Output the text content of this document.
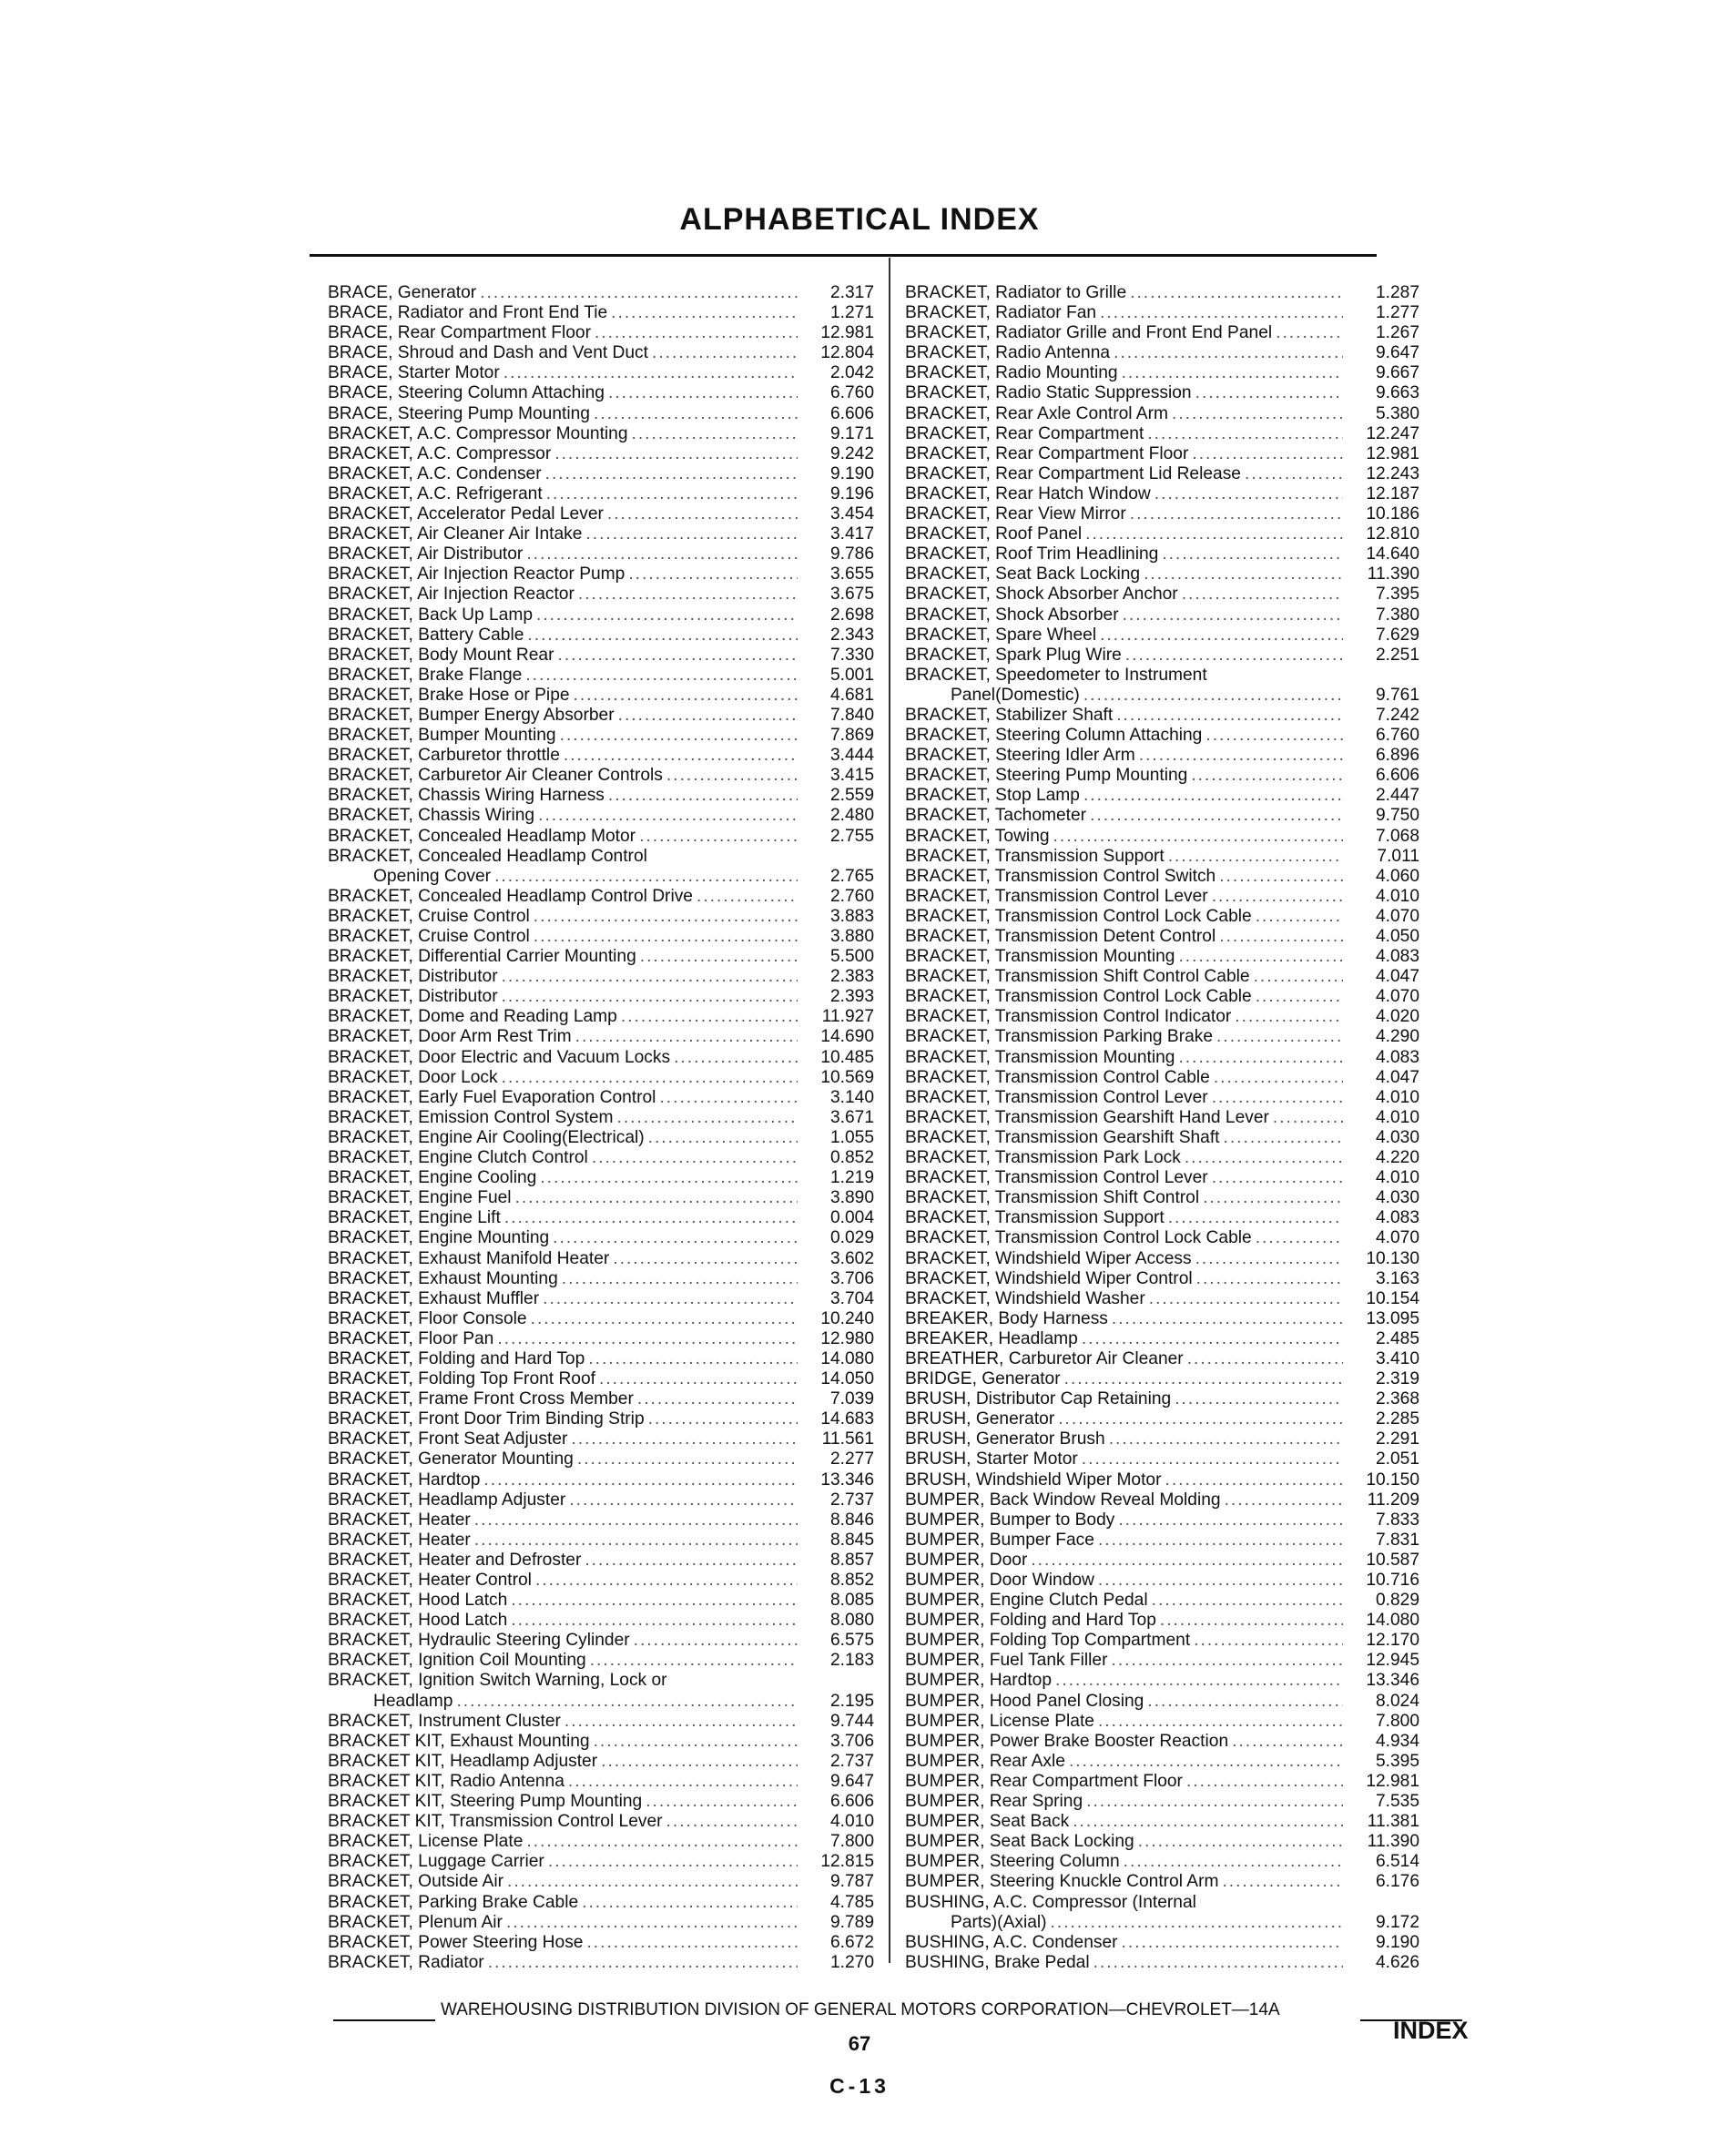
ALPHABETICAL INDEX
BRACE, Generator .....	2.317
BRACE, Radiator and Front End Tie .....	1.271
BRACE, Rear Compartment Floor .....	12.981
BRACE, Shroud and Dash and Vent Duct .....	12.804
BRACE, Starter Motor .....	2.042
BRACE, Steering Column Attaching .....	6.760
BRACE, Steering Pump Mounting .....	6.606
BRACKET, A.C. Compressor Mounting .....	9.171
BRACKET, A.C. Compressor .....	9.242
BRACKET, A.C. Condenser .....	9.190
BRACKET, A.C. Refrigerant .....	9.196
BRACKET, Accelerator Pedal Lever .....	3.454
BRACKET, Air Cleaner Air Intake .....	3.417
BRACKET, Air Distributor .....	9.786
BRACKET, Air Injection Reactor Pump .....	3.655
BRACKET, Air Injection Reactor .....	3.675
BRACKET, Back Up Lamp .....	2.698
BRACKET, Battery Cable .....	2.343
BRACKET, Body Mount Rear .....	7.330
BRACKET, Brake Flange .....	5.001
BRACKET, Brake Hose or Pipe .....	4.681
BRACKET, Bumper Energy Absorber .....	7.840
BRACKET, Bumper Mounting .....	7.869
BRACKET, Carburetor throttle .....	3.444
BRACKET, Carburetor Air Cleaner Controls .....	3.415
BRACKET, Chassis Wiring Harness .....	2.559
BRACKET, Chassis Wiring .....	2.480
BRACKET, Concealed Headlamp Motor .....	2.755
BRACKET, Concealed Headlamp Control
Opening Cover .....	2.765
BRACKET, Concealed Headlamp Control Drive .....	2.760
BRACKET, Cruise Control .....	3.883
BRACKET, Cruise Control .....	3.880
BRACKET, Differential Carrier Mounting .....	5.500
BRACKET, Distributor .....	2.383
BRACKET, Distributor .....	2.393
BRACKET, Dome and Reading Lamp .....	11.927
BRACKET, Door Arm Rest Trim .....	14.690
BRACKET, Door Electric and Vacuum Locks .....	10.485
BRACKET, Door Lock .....	10.569
BRACKET, Early Fuel Evaporation Control .....	3.140
BRACKET, Emission Control System .....	3.671
BRACKET, Engine Air Cooling(Electrical) .....	1.055
BRACKET, Engine Clutch Control .....	0.852
BRACKET, Engine Cooling .....	1.219
BRACKET, Engine Fuel .....	3.890
BRACKET, Engine Lift .....	0.004
BRACKET, Engine Mounting .....	0.029
BRACKET, Exhaust Manifold Heater .....	3.602
BRACKET, Exhaust Mounting .....	3.706
BRACKET, Exhaust Muffler .....	3.704
BRACKET, Floor Console .....	10.240
BRACKET, Floor Pan .....	12.980
BRACKET, Folding and Hard Top .....	14.080
BRACKET, Folding Top Front Roof .....	14.050
BRACKET, Frame Front Cross Member .....	7.039
BRACKET, Front Door Trim Binding Strip .....	14.683
BRACKET, Front Seat Adjuster .....	11.561
BRACKET, Generator Mounting .....	2.277
BRACKET, Hardtop .....	13.346
BRACKET, Headlamp Adjuster .....	2.737
BRACKET, Heater .....	8.846
BRACKET, Heater .....	8.845
BRACKET, Heater and Defroster .....	8.857
BRACKET, Heater Control .....	8.852
BRACKET, Hood Latch .....	8.085
BRACKET, Hood Latch .....	8.080
BRACKET, Hydraulic Steering Cylinder .....	6.575
BRACKET, Ignition Coil Mounting .....	2.183
BRACKET, Ignition Switch Warning, Lock or
Headlamp .....	2.195
BRACKET, Instrument Cluster .....	9.744
BRACKET KIT, Exhaust Mounting .....	3.706
BRACKET KIT, Headlamp Adjuster .....	2.737
BRACKET KIT, Radio Antenna .....	9.647
BRACKET KIT, Steering Pump Mounting .....	6.606
BRACKET KIT, Transmission Control Lever .....	4.010
BRACKET, License Plate .....	7.800
BRACKET, Luggage Carrier .....	12.815
BRACKET, Outside Air .....	9.787
BRACKET, Parking Brake Cable .....	4.785
BRACKET, Plenum Air .....	9.789
BRACKET, Power Steering Hose .....	6.672
BRACKET, Radiator .....	1.270
BRACKET, Radiator to Grille .....	1.287
BRACKET, Radiator Fan .....	1.277
BRACKET, Radiator Grille and Front End Panel .....	1.267
BRACKET, Radio Antenna .....	9.647
BRACKET, Radio Mounting .....	9.667
BRACKET, Radio Static Suppression .....	9.663
BRACKET, Rear Axle Control Arm .....	5.380
BRACKET, Rear Compartment .....	12.247
BRACKET, Rear Compartment Floor .....	12.981
BRACKET, Rear Compartment Lid Release .....	12.243
BRACKET, Rear Hatch Window .....	12.187
BRACKET, Rear View Mirror .....	10.186
BRACKET, Roof Panel .....	12.810
BRACKET, Roof Trim Headlining .....	14.640
BRACKET, Seat Back Locking .....	11.390
BRACKET, Shock Absorber Anchor .....	7.395
BRACKET, Shock Absorber .....	7.380
BRACKET, Spare Wheel .....	7.629
BRACKET, Spark Plug Wire .....	2.251
BRACKET, Speedometer to Instrument
Panel(Domestic) .....	9.761
BRACKET, Stabilizer Shaft .....	7.242
BRACKET, Steering Column Attaching .....	6.760
BRACKET, Steering Idler Arm .....	6.896
BRACKET, Steering Pump Mounting .....	6.606
BRACKET, Stop Lamp .....	2.447
BRACKET, Tachometer .....	9.750
BRACKET, Towing .....	7.068
BRACKET, Transmission Support .....	7.011
BRACKET, Transmission Control Switch .....	4.060
BRACKET, Transmission Control Lever .....	4.010
BRACKET, Transmission Control Lock Cable .....	4.070
BRACKET, Transmission Detent Control .....	4.050
BRACKET, Transmission Mounting .....	4.083
BRACKET, Transmission Shift Control Cable .....	4.047
BRACKET, Transmission Control Lock Cable .....	4.070
BRACKET, Transmission Control Indicator .....	4.020
BRACKET, Transmission Parking Brake .....	4.290
BRACKET, Transmission Mounting .....	4.083
BRACKET, Transmission Control Cable .....	4.047
BRACKET, Transmission Control Lever .....	4.010
BRACKET, Transmission Gearshift Hand Lever .....	4.010
BRACKET, Transmission Gearshift Shaft .....	4.030
BRACKET, Transmission Park Lock .....	4.220
BRACKET, Transmission Control Lever .....	4.010
BRACKET, Transmission Shift Control .....	4.030
BRACKET, Transmission Support .....	4.083
BRACKET, Transmission Control Lock Cable .....	4.070
BRACKET, Windshield Wiper Access .....	10.130
BRACKET, Windshield Wiper Control .....	3.163
BRACKET, Windshield Washer .....	10.154
BREAKER, Body Harness .....	13.095
BREAKER, Headlamp .....	2.485
BREATHER, Carburetor Air Cleaner .....	3.410
BRIDGE, Generator .....	2.319
BRUSH, Distributor Cap Retaining .....	2.368
BRUSH, Generator .....	2.285
BRUSH, Generator Brush .....	2.291
BRUSH, Starter Motor .....	2.051
BRUSH, Windshield Wiper Motor .....	10.150
BUMPER, Back Window Reveal Molding .....	11.209
BUMPER, Bumper to Body .....	7.833
BUMPER, Bumper Face .....	7.831
BUMPER, Door .....	10.587
BUMPER, Door Window .....	10.716
BUMPER, Engine Clutch Pedal .....	0.829
BUMPER, Folding and Hard Top .....	14.080
BUMPER, Folding Top Compartment .....	12.170
BUMPER, Fuel Tank Filler .....	12.945
BUMPER, Hardtop .....	13.346
BUMPER, Hood Panel Closing .....	8.024
BUMPER, License Plate .....	7.800
BUMPER, Power Brake Booster Reaction .....	4.934
BUMPER, Rear Axle .....	5.395
BUMPER, Rear Compartment Floor .....	12.981
BUMPER, Rear Spring .....	7.535
BUMPER, Seat Back .....	11.381
BUMPER, Seat Back Locking .....	11.390
BUMPER, Steering Column .....	6.514
BUMPER, Steering Knuckle Control Arm .....	6.176
BUSHING, A.C. Compressor (Internal
Parts)(Axial) .....	9.172
BUSHING, A.C. Condenser .....	9.190
BUSHING, Brake Pedal .....	4.626
WAREHOUSING DISTRIBUTION DIVISION OF GENERAL MOTORS CORPORATION—CHEVROLET—14A
INDEX
67
C-13
